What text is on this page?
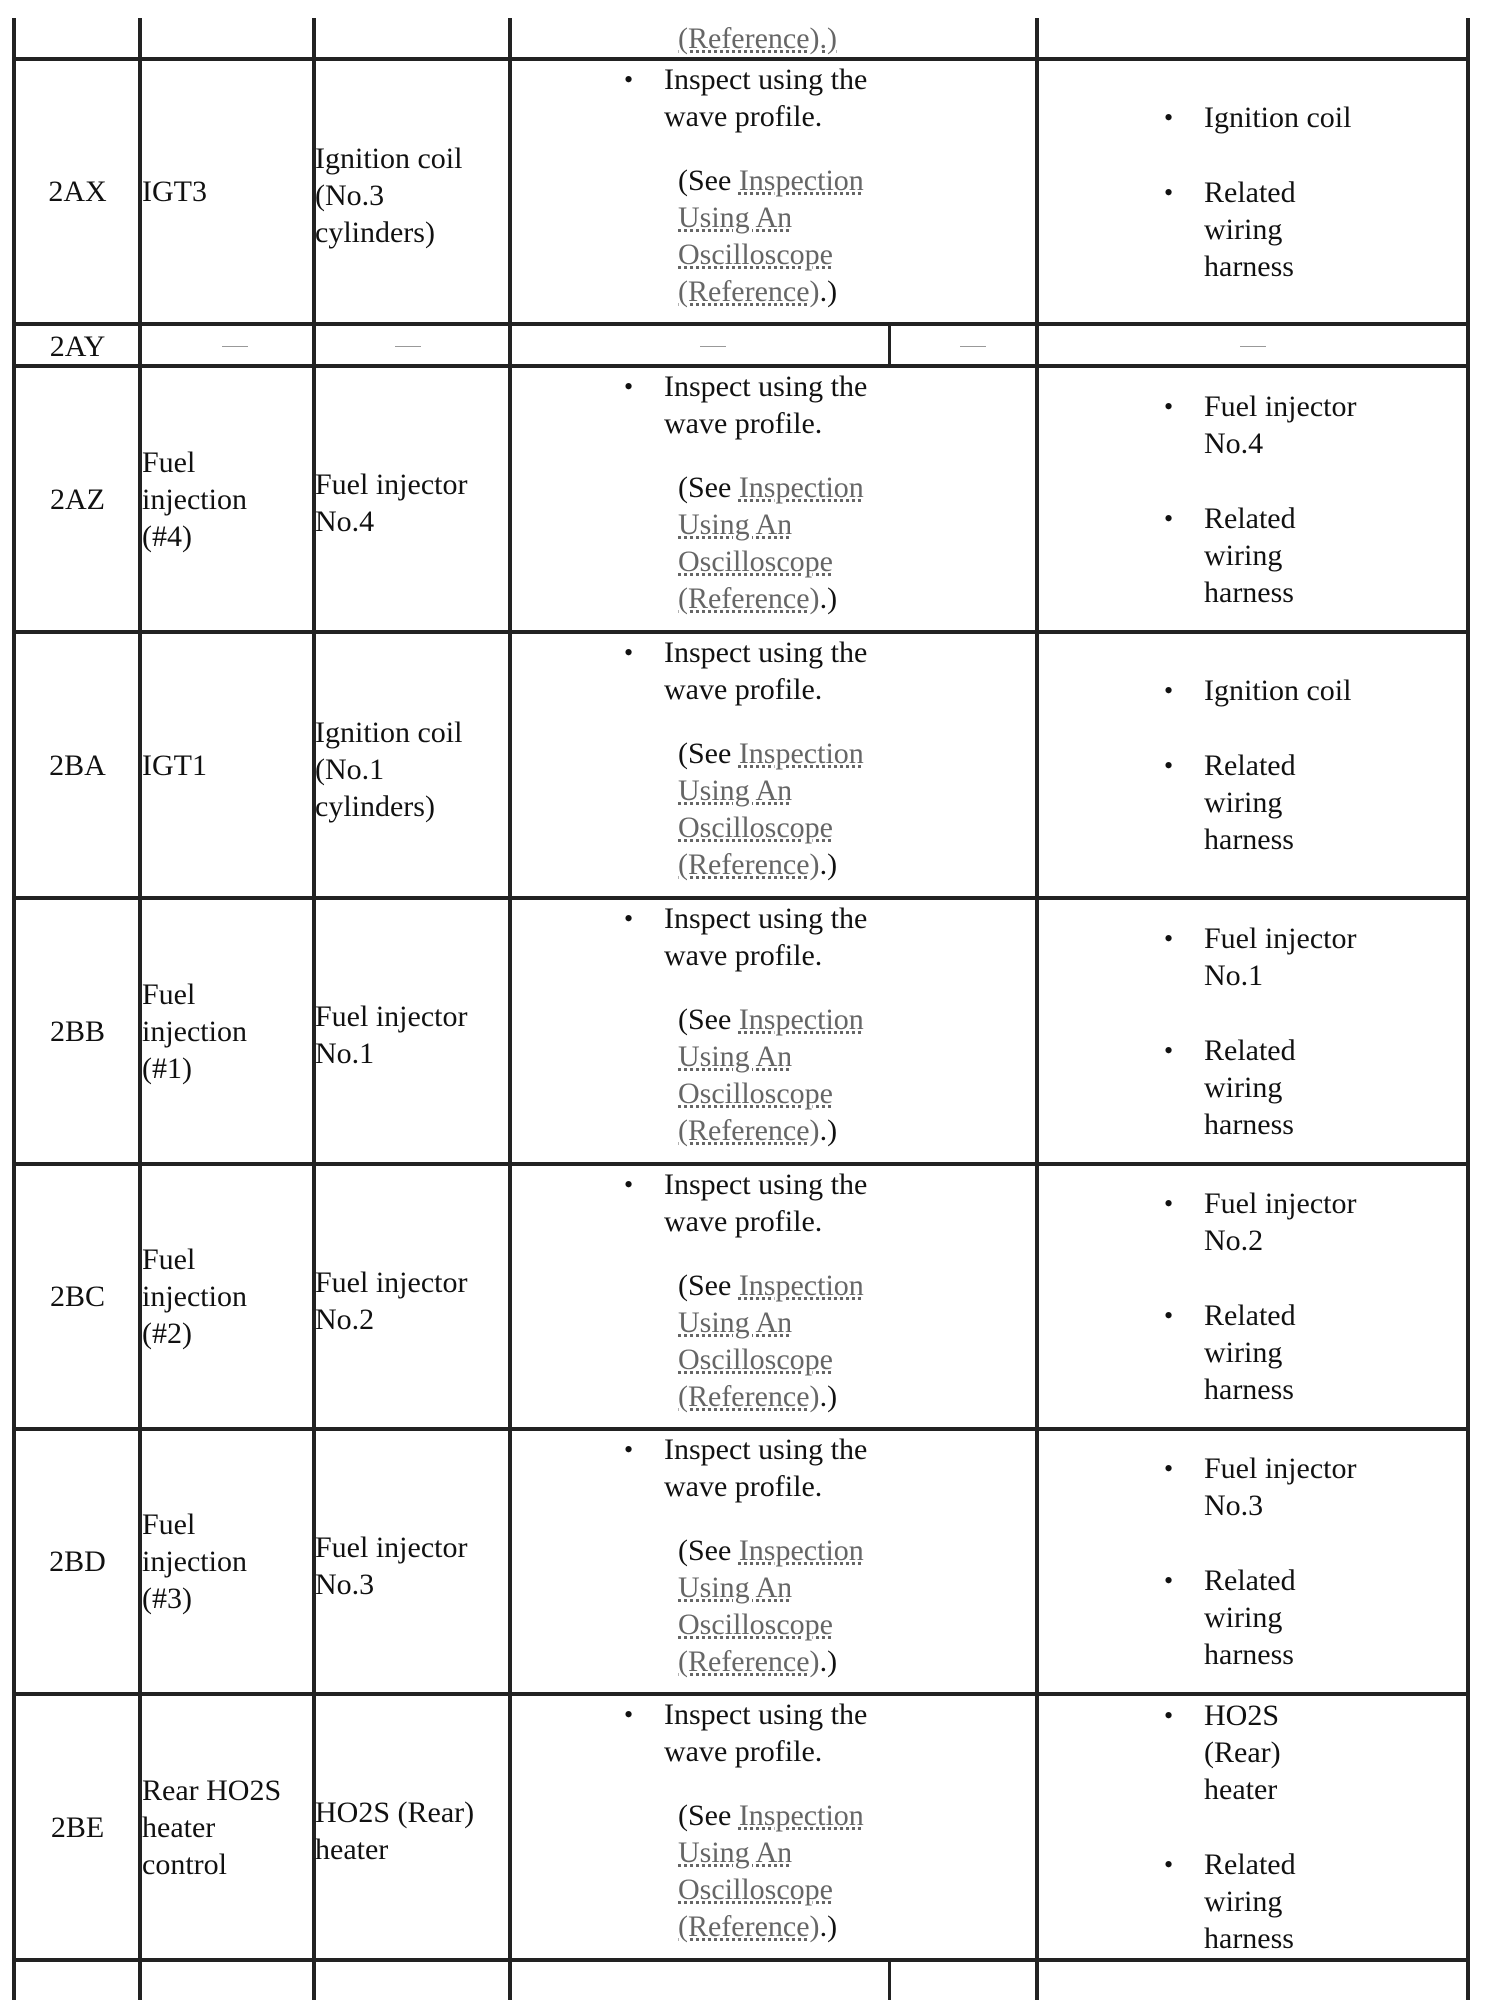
(Reference).)
2AX	IGT3
Ignition coil
(No.3
cylinders)
Inspect using the
wave profile.
(See Inspection
Using An
Oscilloscope
(Reference).)
Ignition coil
Related
wiring
harness
2AY
2AZ
Fuel
injection
(#4)
Fuel injector
No.4
Inspect using the
wave profile.
(See Inspection
Using An
Oscilloscope
(Reference).)
Fuel injector
No.4
Related
wiring
harness
2BA	IGT1
Ignition coil
(No.1
cylinders)
Inspect using the
wave profile.
(See Inspection
Using An
Oscilloscope
(Reference).)
Ignition coil
Related
wiring
harness
2BB
Fuel
injection
(#1)
Fuel injector
No.1
Inspect using the
wave profile.
(See Inspection
Using An
Oscilloscope
(Reference).)
Fuel injector
No.1
Related
wiring
harness
2BC
Fuel
injection
(#2)
Fuel injector
No.2
Inspect using the
wave profile.
(See Inspection
Using An
Oscilloscope
(Reference).)
Fuel injector
No.2
Related
wiring
harness
2BD
Fuel
injection
(#3)
Fuel injector
No.3
Inspect using the
wave profile.
(See Inspection
Using An
Oscilloscope
(Reference).)
Fuel injector
No.3
Related
wiring
harness
2BE
Rear HO2S
heater
control
HO2S (Rear)
heater
Inspect using the
wave profile.
(See Inspection
Using An
Oscilloscope
(Reference).)
HO2S
(Rear)
heater
Related
wiring
harness
